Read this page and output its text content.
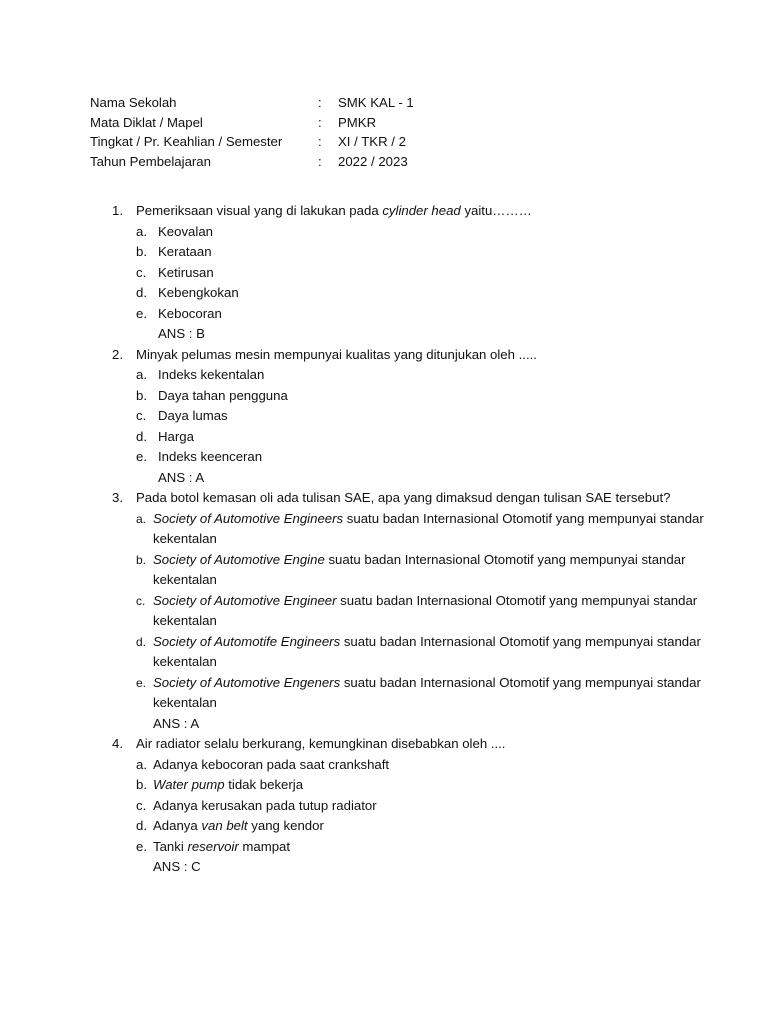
Nama Sekolah	:	SMK KAL - 1
Mata Diklat / Mapel	:	PMKR
Tingkat / Pr. Keahlian / Semester	:	XI / TKR / 2
Tahun Pembelajaran	:	2022 / 2023
1. Pemeriksaan visual yang di lakukan pada cylinder head yaitu………
a. Keovalan
b. Kerataan
c. Ketirusan
d. Kebengkokan
e. Kebocoran
ANS : B
2. Minyak pelumas mesin mempunyai kualitas yang ditunjukan oleh .....
a. Indeks kekentalan
b. Daya tahan pengguna
c. Daya lumas
d. Harga
e. Indeks keenceran
ANS : A
3. Pada botol kemasan oli ada tulisan SAE, apa yang dimaksud dengan tulisan SAE tersebut?
a. Society of Automotive Engineers suatu badan Internasional Otomotif yang mempunyai standar kekentalan
b. Society of Automotive Engine suatu badan Internasional Otomotif yang mempunyai standar kekentalan
c. Society of Automotive Engineer suatu badan Internasional Otomotif yang mempunyai standar kekentalan
d. Society of Automotife Engineers suatu badan Internasional Otomotif yang mempunyai standar kekentalan
e. Society of Automotive Engeners suatu badan Internasional Otomotif yang mempunyai standar kekentalan
ANS : A
4. Air radiator selalu berkurang, kemungkinan disebabkan oleh ....
a. Adanya kebocoran pada saat crankshaft
b. Water pump tidak bekerja
c. Adanya kerusakan pada tutup radiator
d. Adanya van belt yang kendor
e. Tanki reservoir mampat
ANS : C
